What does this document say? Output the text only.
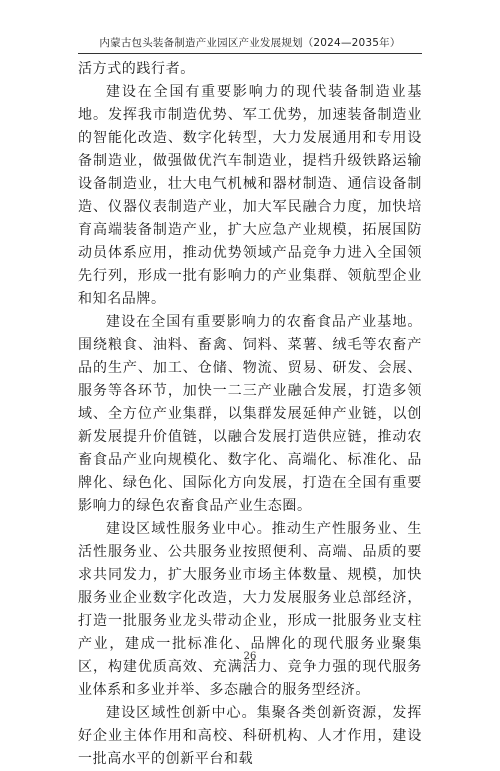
内蒙古包头装备制造产业园区产业发展规划（2024—2035年）

活方式的践行者。

建设在全国有重要影响力的现代装备制造业基地。发挥我市制造优势、军工优势，加速装备制造业的智能化改造、数字化转型，大力发展通用和专用设备制造业，做强做优汽车制造业，提档升级铁路运输设备制造业，壮大电气机械和器材制造、通信设备制造、仪器仪表制造产业，加大军民融合力度，加快培育高端装备制造产业，扩大应急产业规模，拓展国防动员体系应用，推动优势领域产品竞争力进入全国领先行列，形成一批有影响力的产业集群、领航型企业和知名品牌。

建设在全国有重要影响力的农畜食品产业基地。围绕粮食、油料、畜禽、饲料、菜薯、绒毛等农畜产品的生产、加工、仓储、物流、贸易、研发、会展、服务等各环节，加快一二三产业融合发展，打造多领域、全方位产业集群，以集群发展延伸产业链，以创新发展提升价值链，以融合发展打造供应链，推动农畜食品产业向规模化、数字化、高端化、标准化、品牌化、绿色化、国际化方向发展，打造在全国有重要影响力的绿色农畜食品产业生态圈。

建设区域性服务业中心。推动生产性服务业、生活性服务业、公共服务业按照便利、高端、品质的要求共同发力，扩大服务业市场主体数量、规模，加快服务业企业数字化改造，大力发展服务业总部经济，打造一批服务业龙头带动企业，形成一批服务业支柱产业，建成一批标准化、品牌化的现代服务业聚集区，构建优质高效、充满活力、竞争力强的现代服务业体系和多业并举、多态融合的服务型经济。

建设区域性创新中心。集聚各类创新资源，发挥好企业主体作用和高校、科研机构、人才作用，建设一批高水平的创新平台和载

26
